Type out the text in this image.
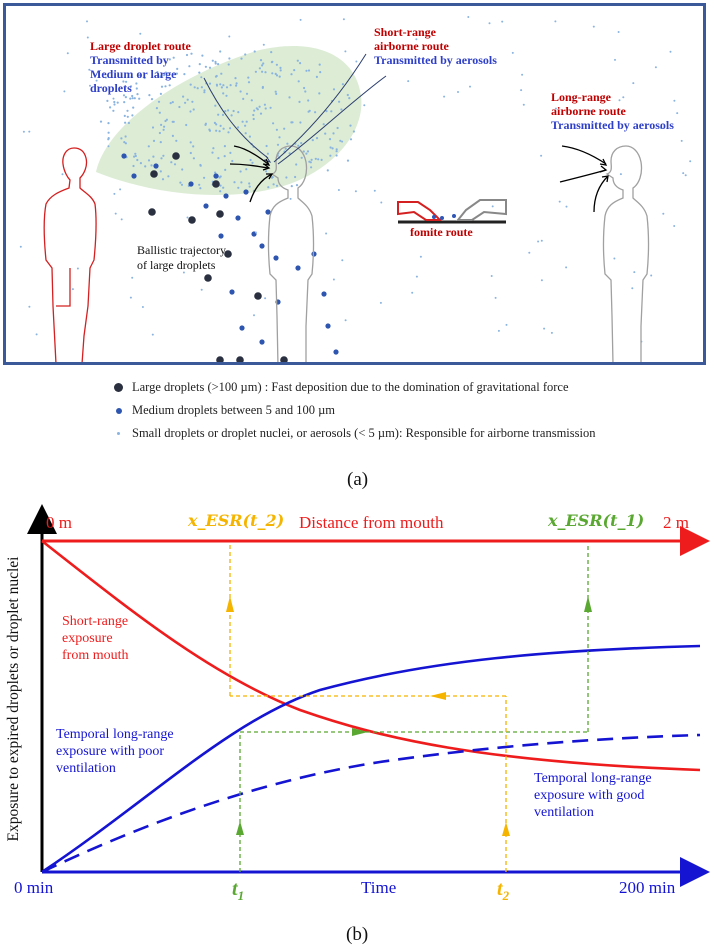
Large droplet route
Transmitted by
Medium or large
droplets
Short-range
airborne route
Transmitted by aerosols
Long-range
airborne route
Transmitted by aerosols
Ballistic trajectory
of large droplets
fomite route
Large droplets (>100 µm) : Fast deposition due to the domination of gravitational force
Medium droplets between 5 and 100 µm
Small droplets or droplet nuclei, or aerosols (< 5 µm): Responsible for airborne transmission
(a)
Exposure to expired droplets or droplet nuclei
0 m	Distance from mouth	2 m
x_ESR(t_2)	x_ESR(t_1)
Short-range
exposure
from mouth
Temporal long-range
exposure with poor
ventilation
Temporal long-range
exposure with good
ventilation
0 min	Time	200 min
$t_1$	$t_2$
(b)
